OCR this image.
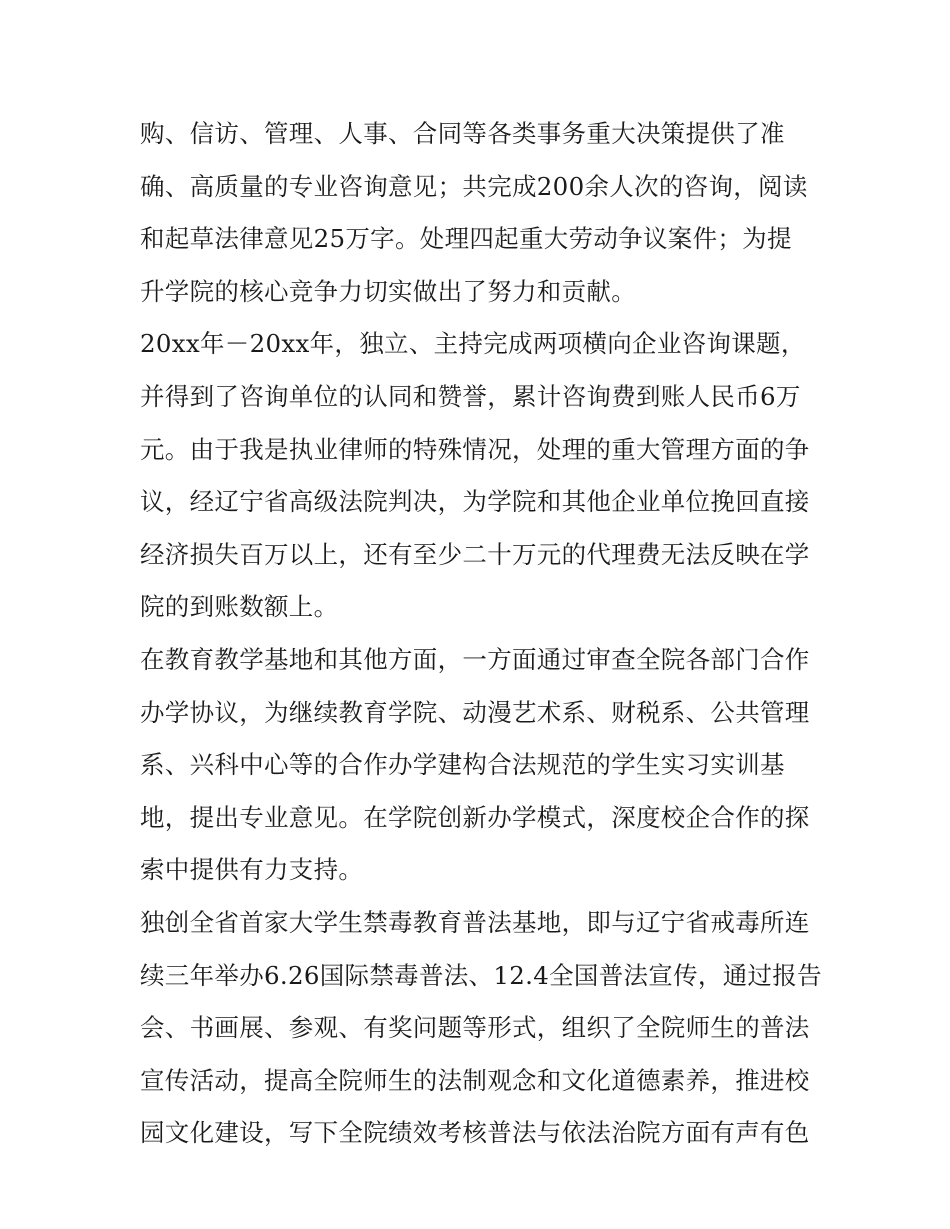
购、信访、管理、人事、合同等各类事务重大决策提供了准
确、高质量的专业咨询意见；共完成200余人次的咨询，阅读
和起草法律意见25万字。处理四起重大劳动争议案件；为提
升学院的核心竞争力切实做出了努力和贡献。
20xx年－20xx年，独立、主持完成两项横向企业咨询课题，
并得到了咨询单位的认同和赞誉，累计咨询费到账人民币6万
元。由于我是执业律师的特殊情况，处理的重大管理方面的争
议，经辽宁省高级法院判决，为学院和其他企业单位挽回直接
经济损失百万以上，还有至少二十万元的代理费无法反映在学
院的到账数额上。
在教育教学基地和其他方面，一方面通过审查全院各部门合作
办学协议，为继续教育学院、动漫艺术系、财税系、公共管理
系、兴科中心等的合作办学建构合法规范的学生实习实训基
地，提出专业意见。在学院创新办学模式，深度校企合作的探
索中提供有力支持。
独创全省首家大学生禁毒教育普法基地，即与辽宁省戒毒所连
续三年举办6.26国际禁毒普法、12.4全国普法宣传，通过报告
会、书画展、参观、有奖问题等形式，组织了全院师生的普法
宣传活动，提高全院师生的法制观念和文化道德素养，推进校
园文化建设，写下全院绩效考核普法与依法治院方面有声有色
